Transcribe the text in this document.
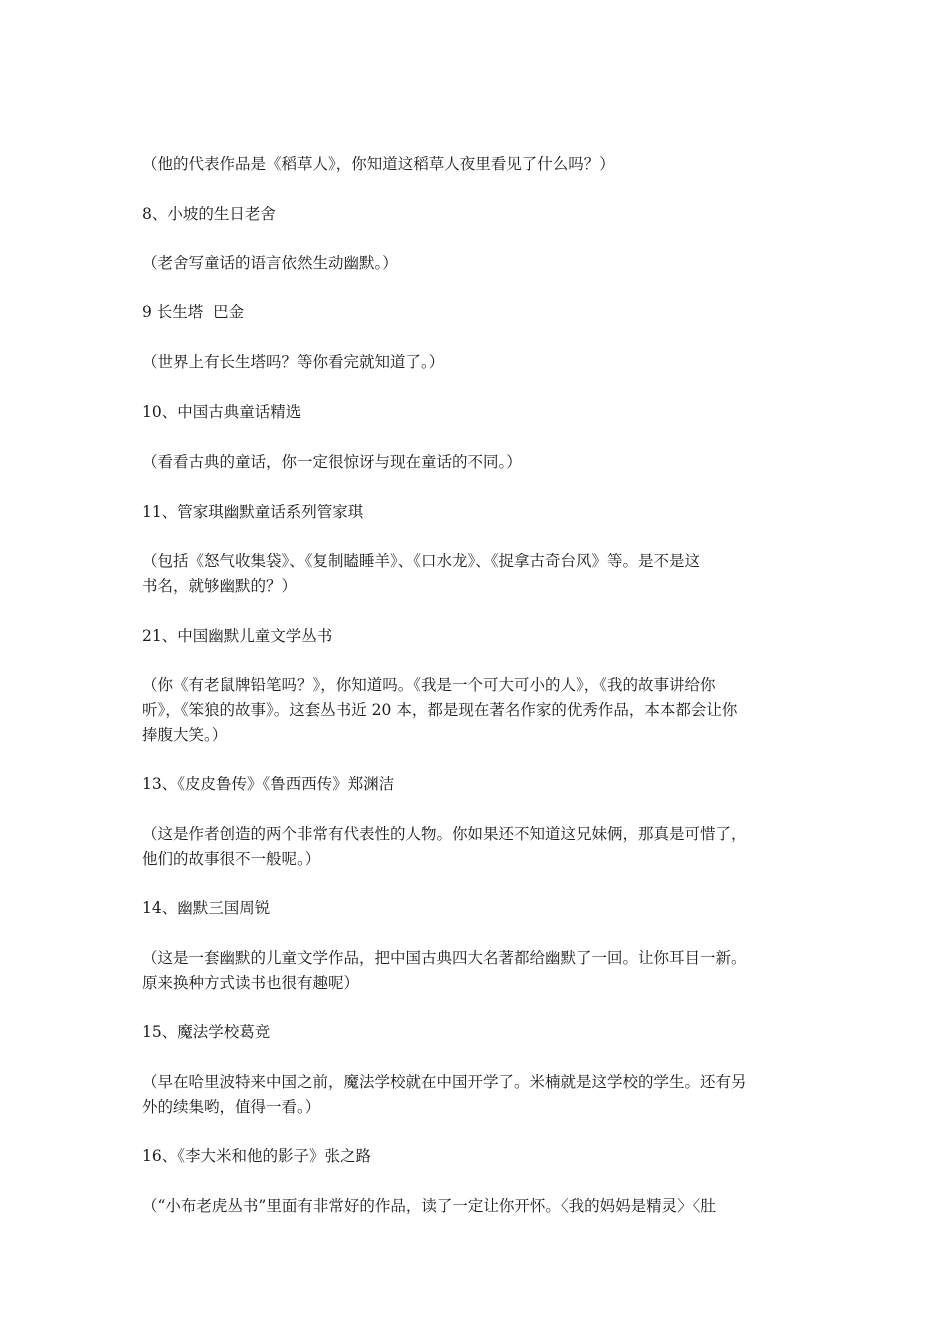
（他的代表作品是《稻草人》，你知道这稻草人夜里看见了什么吗？）
8、小坡的生日老舍
（老舍写童话的语言依然生动幽默。）
9 长生塔  巴金
（世界上有长生塔吗？等你看完就知道了。）
10、中国古典童话精选
（看看古典的童话，你一定很惊讶与现在童话的不同。）
11、管家琪幽默童话系列管家琪
（包括《怒气收集袋》、《复制瞌睡羊》、《口水龙》、《捉拿古奇台风》等。是不是这
书名，就够幽默的？）
21、中国幽默儿童文学丛书
（你《有老鼠牌铅笔吗？》，你知道吗。《我是一个可大可小的人》，《我的故事讲给你
听》，《笨狼的故事》。这套丛书近 20 本，都是现在著名作家的优秀作品，本本都会让你
捧腹大笑。）
13、《皮皮鲁传》《鲁西西传》郑渊洁
（这是作者创造的两个非常有代表性的人物。你如果还不知道这兄妹俩，那真是可惜了，
他们的故事很不一般呢。）
14、幽默三国周锐
（这是一套幽默的儿童文学作品，把中国古典四大名著都给幽默了一回。让你耳目一新。
原来换种方式读书也很有趣呢）
15、魔法学校葛竞
（早在哈里波特来中国之前，魔法学校就在中国开学了。米楠就是这学校的学生。还有另
外的续集哟，值得一看。）
16、《李大米和他的影子》张之路
（“小布老虎丛书”里面有非常好的作品，读了一定让你开怀。〈我的妈妈是精灵〉〈肚
